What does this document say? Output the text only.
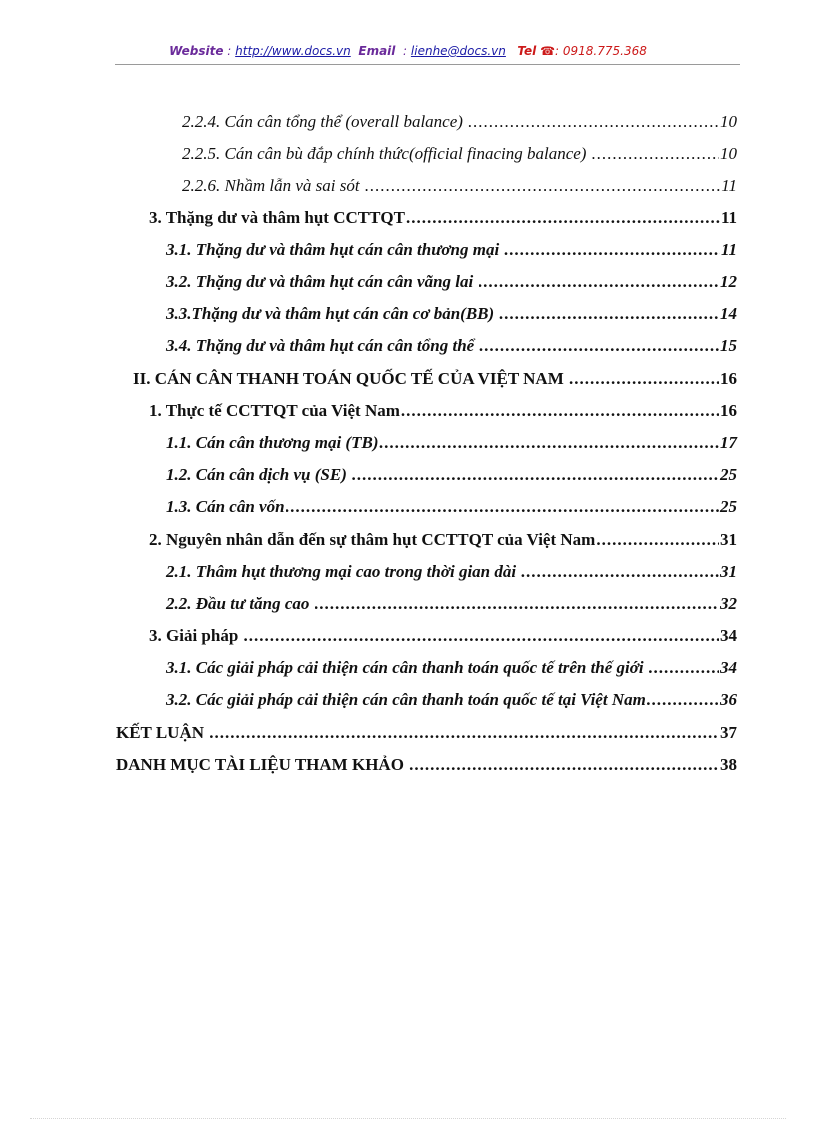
Website : http://www.docs.vn Email  : lienhe@docs.vn Tel ☎: 0918.775.368
2.2.4. Cán cân tổng thể (overall balance) .....	10
2.2.5. Cán cân bù đắp chính thức(official finacing balance) .....	10
2.2.6. Nhầm lẫn và sai sót .....	11
3. Thặng dư và thâm hụt CCTTQT .....	11
3.1. Thặng dư và thâm hụt cán cân thương mại .....	11
3.2. Thặng dư và thâm hụt cán cân vãng lai .....	12
3.3.Thặng dư và thâm hụt cán cân cơ bản(BB) .....	14
3.4. Thặng dư và thâm hụt cán cân tổng thể .....	15
II. CÁN CÂN THANH TOÁN QUỐC TẾ CỦA VIỆT NAM .....	16
1. Thực tế CCTTQT của Việt Nam .....	16
1.1. Cán cân thương mại (TB) .....	17
1.2. Cán cân dịch vụ (SE) .....	25
1.3. Cán cân vốn .....	25
2. Nguyên nhân dẫn đến sự thâm hụt CCTTQT của Việt Nam .....	31
2.1. Thâm hụt thương mại cao trong thời gian dài .....	31
2.2. Đầu tư tăng cao .....	32
3. Giải pháp .....	34
3.1. Các giải pháp cải thiện cán cân thanh toán quốc tế trên thế giới .....	34
3.2. Các giải pháp cải thiện cán cân thanh toán quốc tế tại Việt Nam .....	36
KẾT LUẬN .....	37
DANH MỤC TÀI LIỆU THAM KHẢO .....	38
